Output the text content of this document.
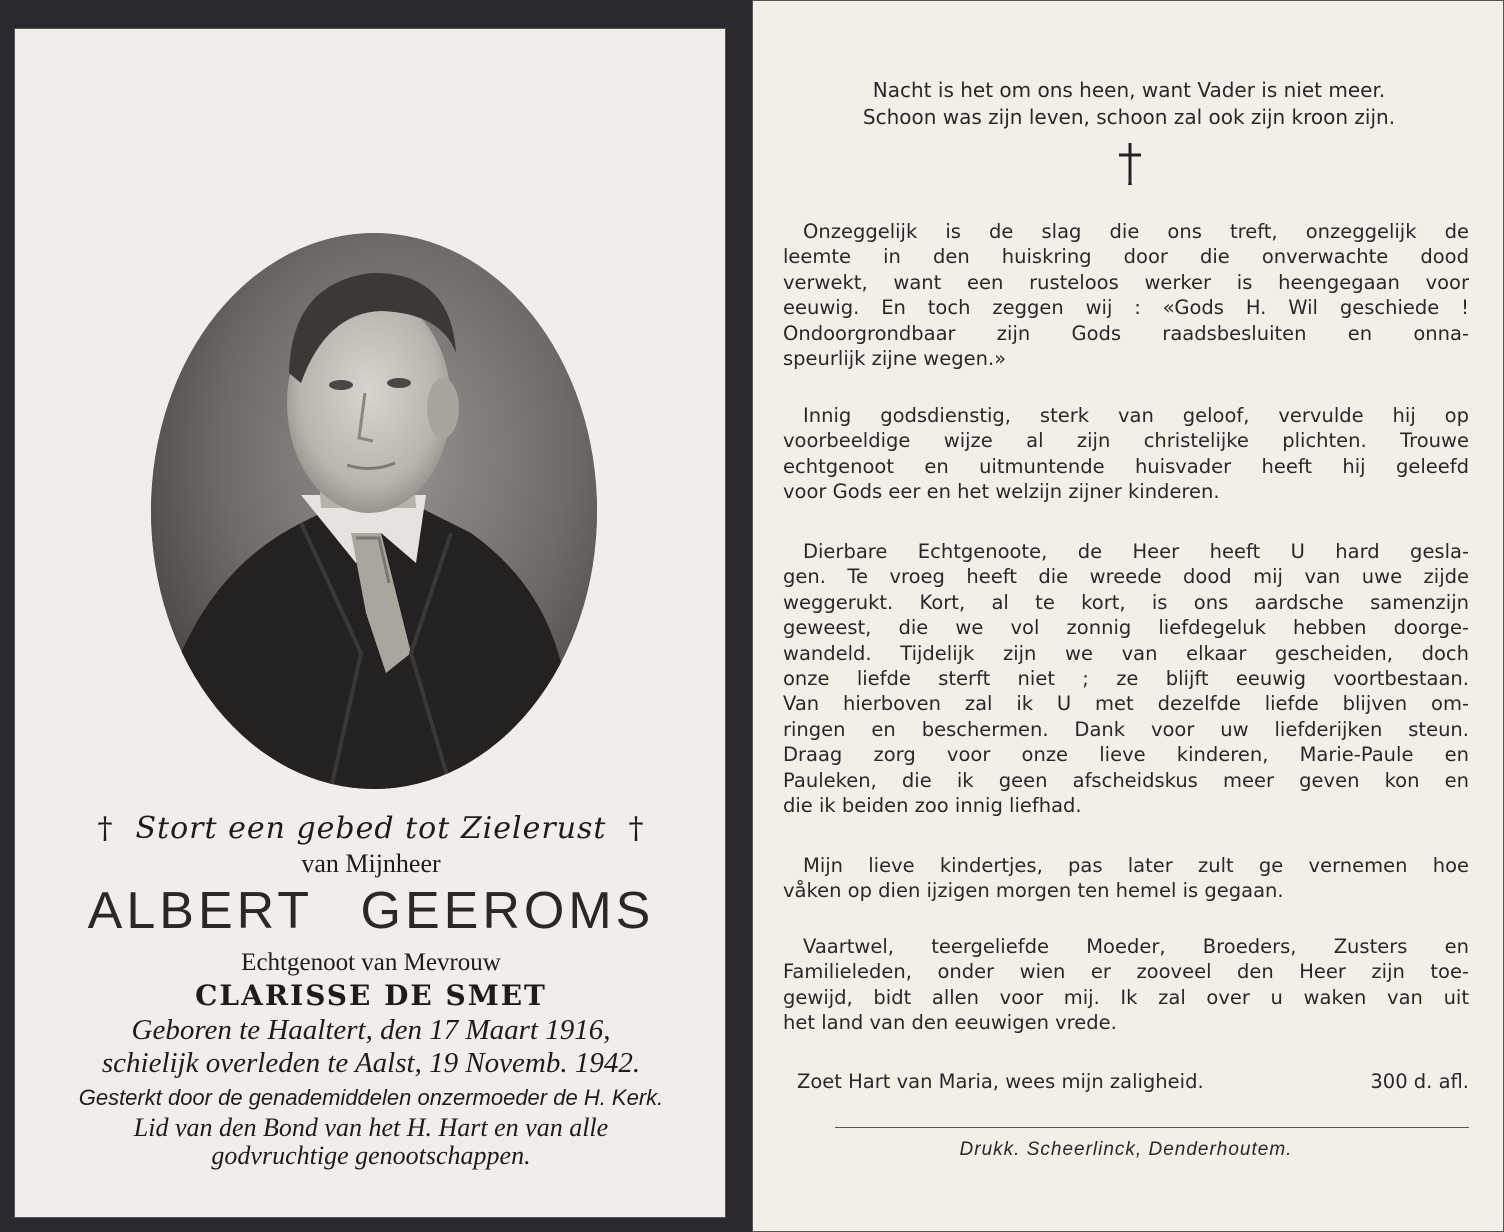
† Stort een gebed tot Zielerust †
van Mijnheer
ALBERT GEEROMS
Echtgenoot van Mevrouw
CLARISSE DE SMET
Geboren te Haaltert, den 17 Maart 1916,
schielijk overleden te Aalst, 19 Novemb. 1942.
Gesterkt door de genademiddelen onzermoeder de H. Kerk.
Lid van den Bond van het H. Hart en van alle
godvruchtige genootschappen.
Nacht is het om ons heen, want Vader is niet meer.
Schoon was zijn leven, schoon zal ook zijn kroon zijn.
Onzeggelijk is de slag die ons treft, onzeggelijk de
leemte in den huiskring door die onverwachte dood
verwekt, want een rusteloos werker is heengegaan voor
eeuwig. En toch zeggen wij : «Gods H. Wil geschiede !
Ondoorgrondbaar zijn Gods raadsbesluiten en onna-
speurlijk zijne wegen.»
Innig godsdienstig, sterk van geloof, vervulde hij op
voorbeeldige wijze al zijn christelijke plichten. Trouwe
echtgenoot en uitmuntende huisvader heeft hij geleefd
voor Gods eer en het welzijn zijner kinderen.
Dierbare Echtgenoote, de Heer heeft U hard gesla-
gen. Te vroeg heeft die wreede dood mij van uwe zijde
weggerukt. Kort, al te kort, is ons aardsche samenzijn
geweest, die we vol zonnig liefdegeluk hebben doorge-
wandeld. Tijdelijk zijn we van elkaar gescheiden, doch
onze liefde sterft niet ; ze blijft eeuwig voortbestaan.
Van hierboven zal ik U met dezelfde liefde blijven om-
ringen en beschermen. Dank voor uw liefderijken steun.
Draag zorg voor onze lieve kinderen, Marie-Paule en
Pauleken, die ik geen afscheidskus meer geven kon en
die ik beiden zoo innig liefhad.
Mijn lieve kindertjes, pas later zult ge vernemen hoe
våken op dien ijzigen morgen ten hemel is gegaan.
Vaartwel, teergeliefde Moeder, Broeders, Zusters en
Familieleden, onder wien er zooveel den Heer zijn toe-
gewijd, bidt allen voor mij. Ik zal over u waken van uit
het land van den eeuwigen vrede.
Zoet Hart van Maria, wees mijn zaligheid.	300 d. afl.
Drukk. Scheerlinck, Denderhoutem.
